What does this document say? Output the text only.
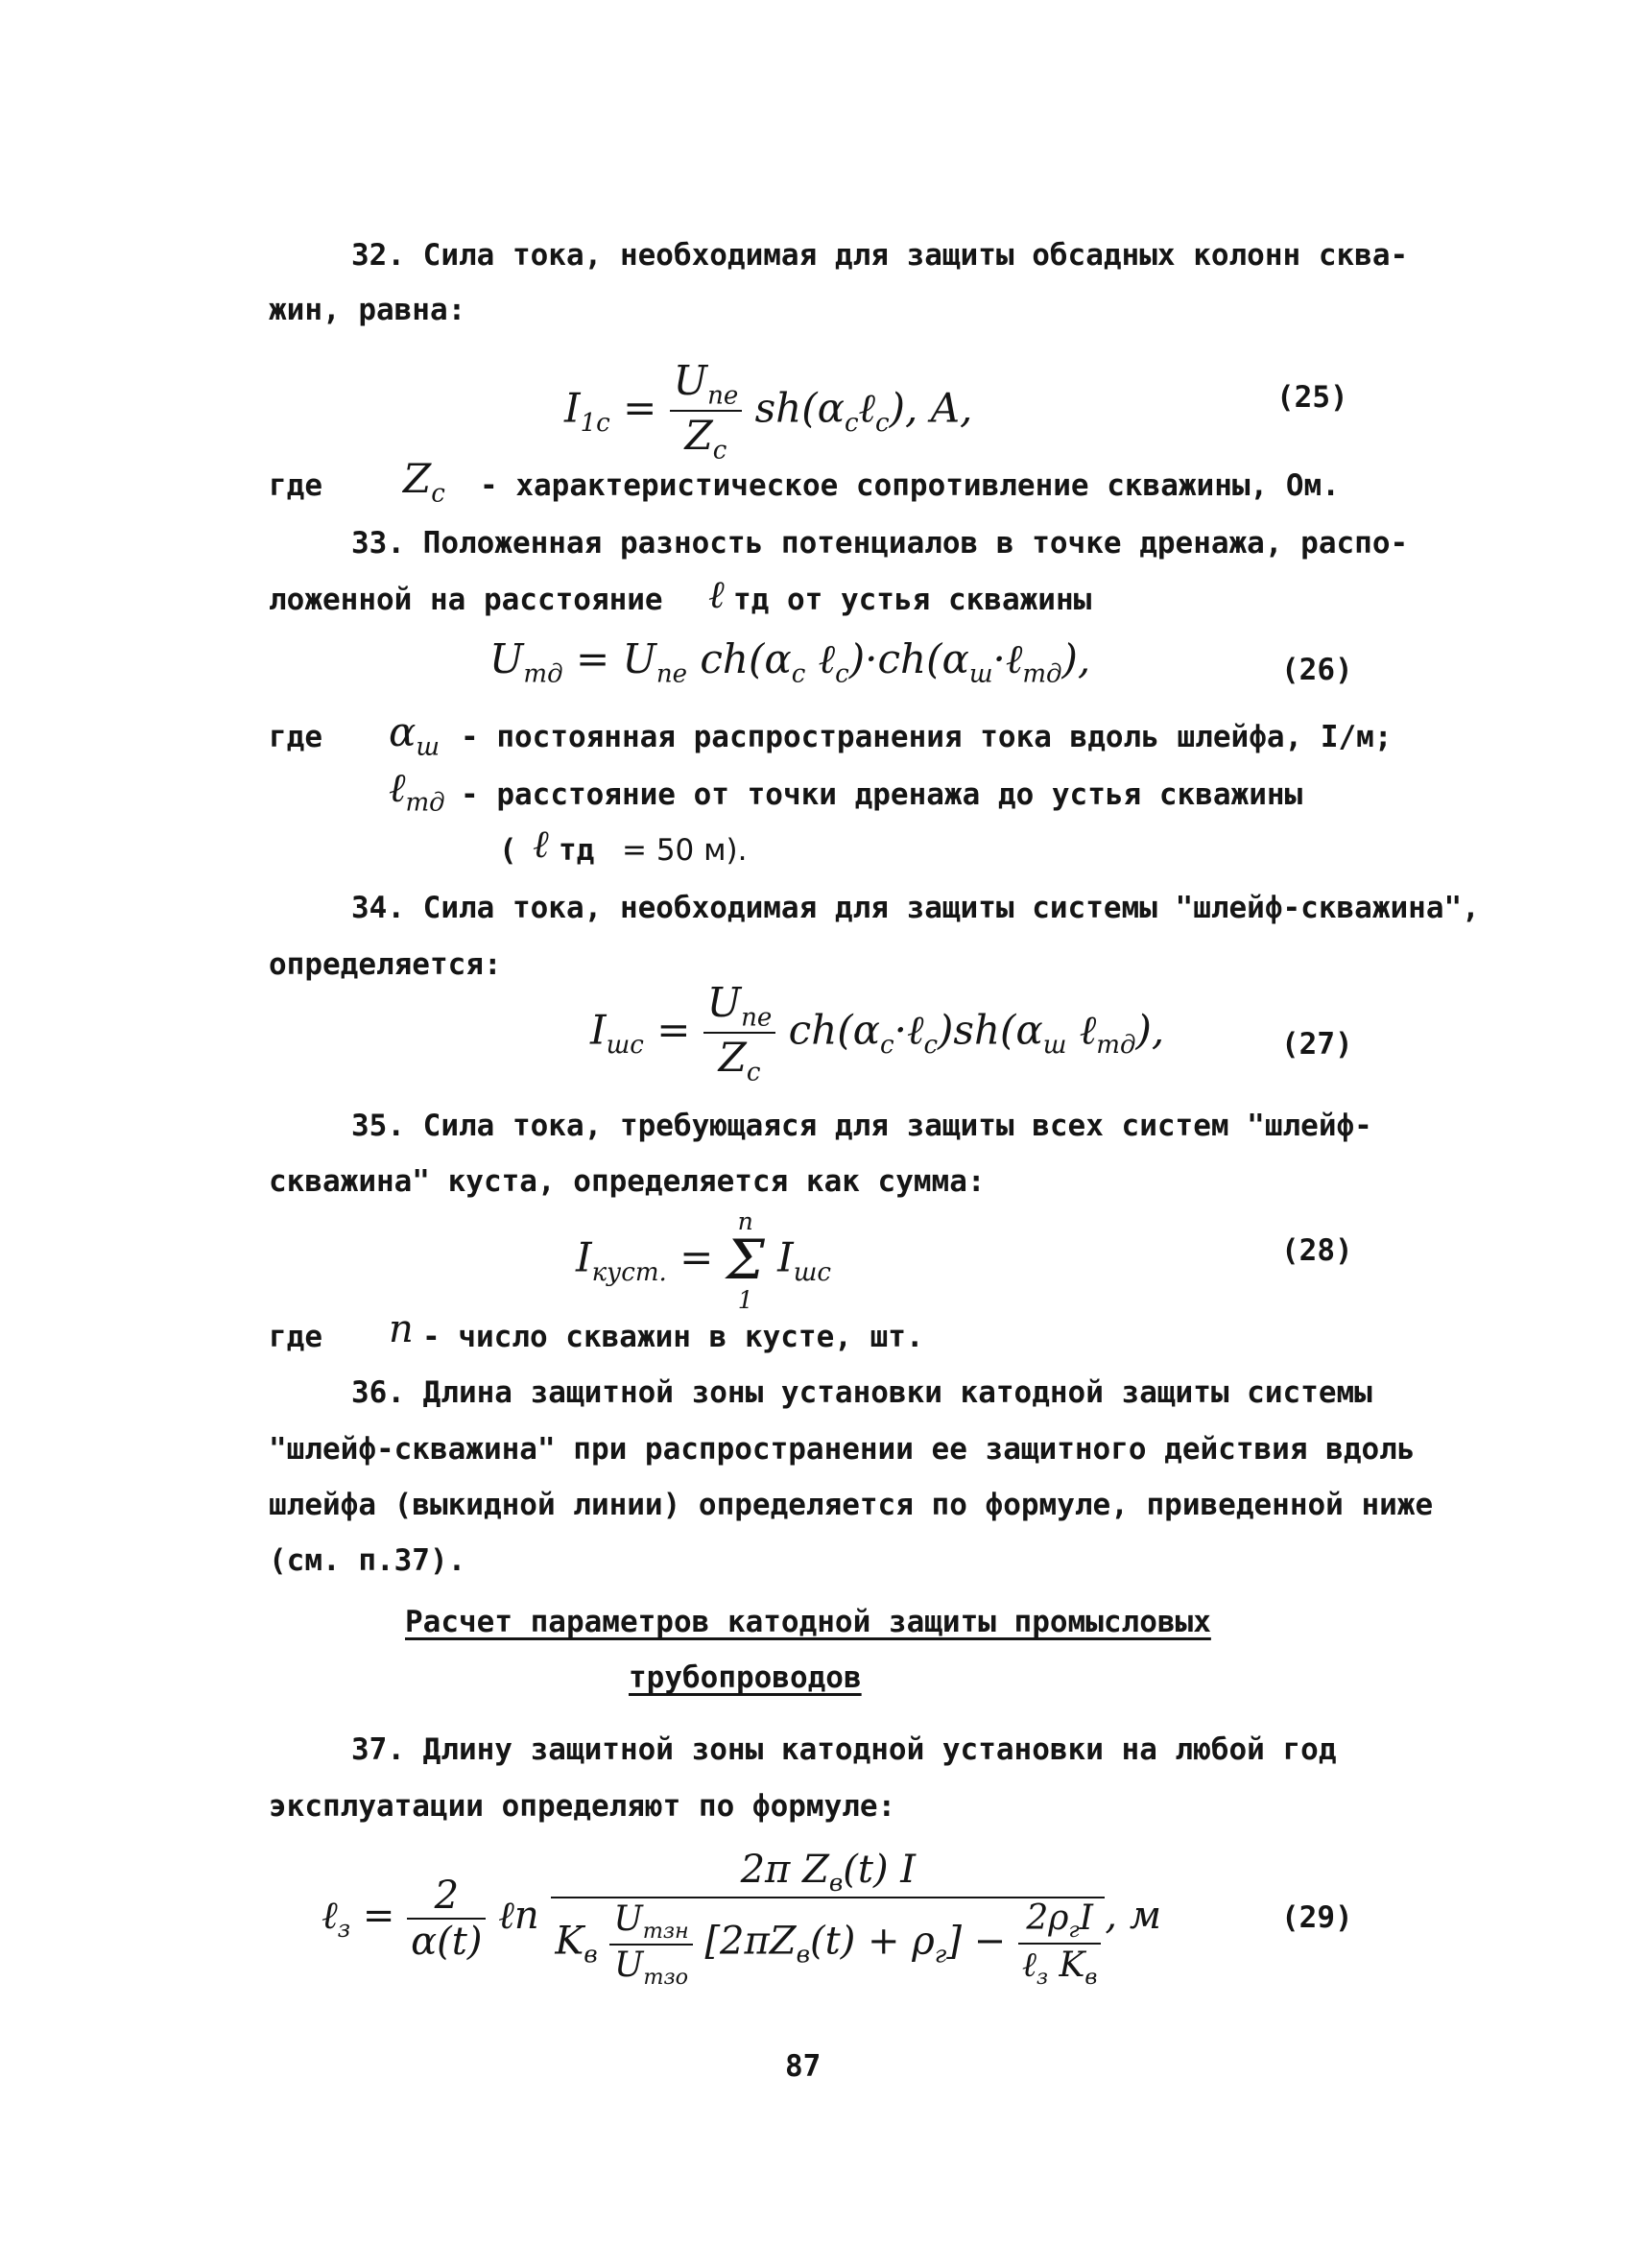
32. Сила тока, необходимая для защиты обсадных колонн сква-
жин, равна:
$I_{1c} = \frac{U_{ne}}{Z_c}$ $sh(\alpha_c\ell_c)$, A,	(25)
где $Z_c$ - характеристическое сопротивление скважины, Ом.
33. Положенная разность потенциалов в точке дренажа, распо-
ложенной на расстояние ℓ тд от устья скважины
$U_{тд} = U_{ne}$ $ch(\alpha_c$ $\ell_c)\cdot ch(\alpha_ш\cdot\ell_{тд})$,	(26)
где $\alpha_ш$ - постоянная распространения тока вдоль шлейфа, I/м;
ℓ$_{тд}$ - расстояние от точки дренажа до устья скважины
( ℓ тд = 50 м).
34. Сила тока, необходимая для защиты системы "шлейф-скважина",
определяется:
$I_{шс} = \frac{U_{ne}}{Z_c}$ $ch(\alpha_c\cdot\ell_c)sh(\alpha_ш$ ℓ$_{тд}$),	(27)
35. Сила тока, требующаяся для защиты всех систем "шлейф-
скважина" куста, определяется как сумма:
$I_{куст.}$ =
n
Σ
1
$I_{шс}$
(28)
где n - число скважин в кусте, шт.
36. Длина защитной зоны установки катодной защиты системы
"шлейф-скважина" при распространении ее защитного действия вдоль
шлейфа (выкидной линии) определяется по формуле, приведенной ниже
(см. п.37).
Расчет параметров катодной защиты промысловых
трубопроводов
37. Длину защитной зоны катодной установки на любой год
эксплуатации определяют по формуле:
ℓ$_з$ = $\frac{2}{\alpha(t)}$ ℓn $\frac{2\pi Z_в(t) I}{K_в \frac{U_{тзн}}{U_{тзо}} [2\pi Z_в(t) + \rho_г] - \frac{2\rho_гI}{\ell_з K_в}}$ , м	(29)
87
